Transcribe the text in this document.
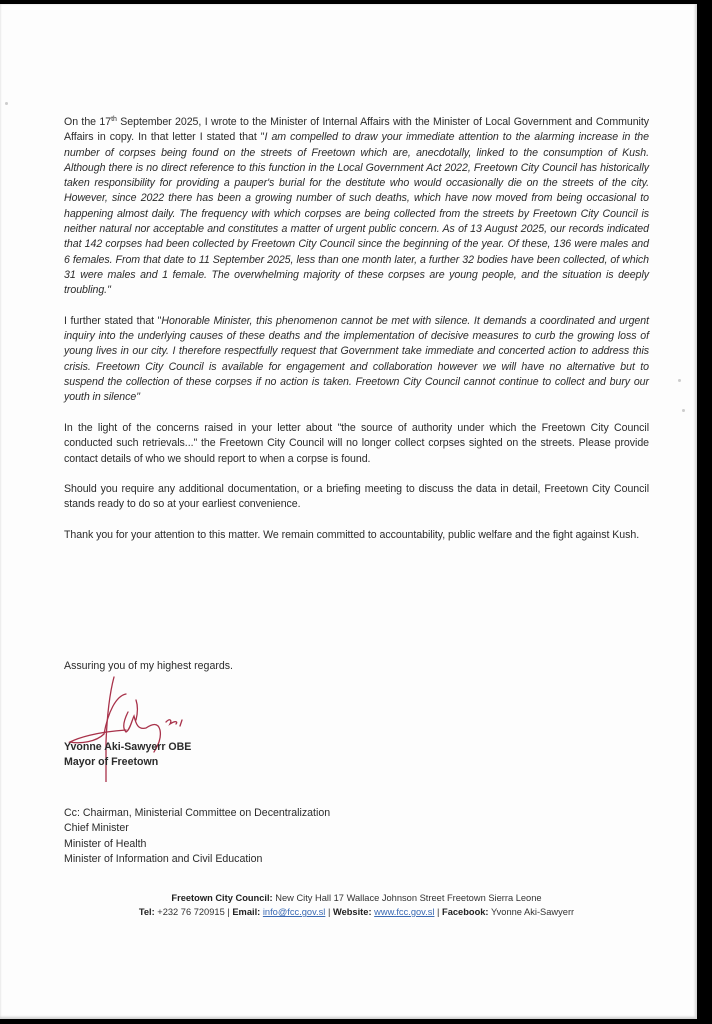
On the 17th September 2025, I wrote to the Minister of Internal Affairs with the Minister of Local Government and Community Affairs in copy. In that letter I stated that "I am compelled to draw your immediate attention to the alarming increase in the number of corpses being found on the streets of Freetown which are, anecdotally, linked to the consumption of Kush. Although there is no direct reference to this function in the Local Government Act 2022, Freetown City Council has historically taken responsibility for providing a pauper's burial for the destitute who would occasionally die on the streets of the city. However, since 2022 there has been a growing number of such deaths, which have now moved from being occasional to happening almost daily. The frequency with which corpses are being collected from the streets by Freetown City Council is neither natural nor acceptable and constitutes a matter of urgent public concern. As of 13 August 2025, our records indicated that 142 corpses had been collected by Freetown City Council since the beginning of the year. Of these, 136 were males and 6 females. From that date to 11 September 2025, less than one month later, a further 32 bodies have been collected, of which 31 were males and 1 female. The overwhelming majority of these corpses are young people, and the situation is deeply troubling."

I further stated that "Honorable Minister, this phenomenon cannot be met with silence. It demands a coordinated and urgent inquiry into the underlying causes of these deaths and the implementation of decisive measures to curb the growing loss of young lives in our city. I therefore respectfully request that Government take immediate and concerted action to address this crisis. Freetown City Council is available for engagement and collaboration however we will have no alternative but to suspend the collection of these corpses if no action is taken. Freetown City Council cannot continue to collect and bury our youth in silence"

In the light of the concerns raised in your letter about "the source of authority under which the Freetown City Council conducted such retrievals..." the Freetown City Council will no longer collect corpses sighted on the streets. Please provide contact details of who we should report to when a corpse is found.

Should you require any additional documentation, or a briefing meeting to discuss the data in detail, Freetown City Council stands ready to do so at your earliest convenience.

Thank you for your attention to this matter. We remain committed to accountability, public welfare and the fight against Kush.

Assuring you of my highest regards.
Yvonne Aki-Sawyerr OBE
Mayor of Freetown
Cc: Chairman, Ministerial Committee on Decentralization
Chief Minister
Minister of Health
Minister of Information and Civil Education
Freetown City Council: New City Hall 17 Wallace Johnson Street Freetown Sierra Leone
Tel: +232 76 720915 | Email: info@fcc.gov.sl | Website: www.fcc.gov.sl | Facebook: Yvonne Aki-Sawyerr
